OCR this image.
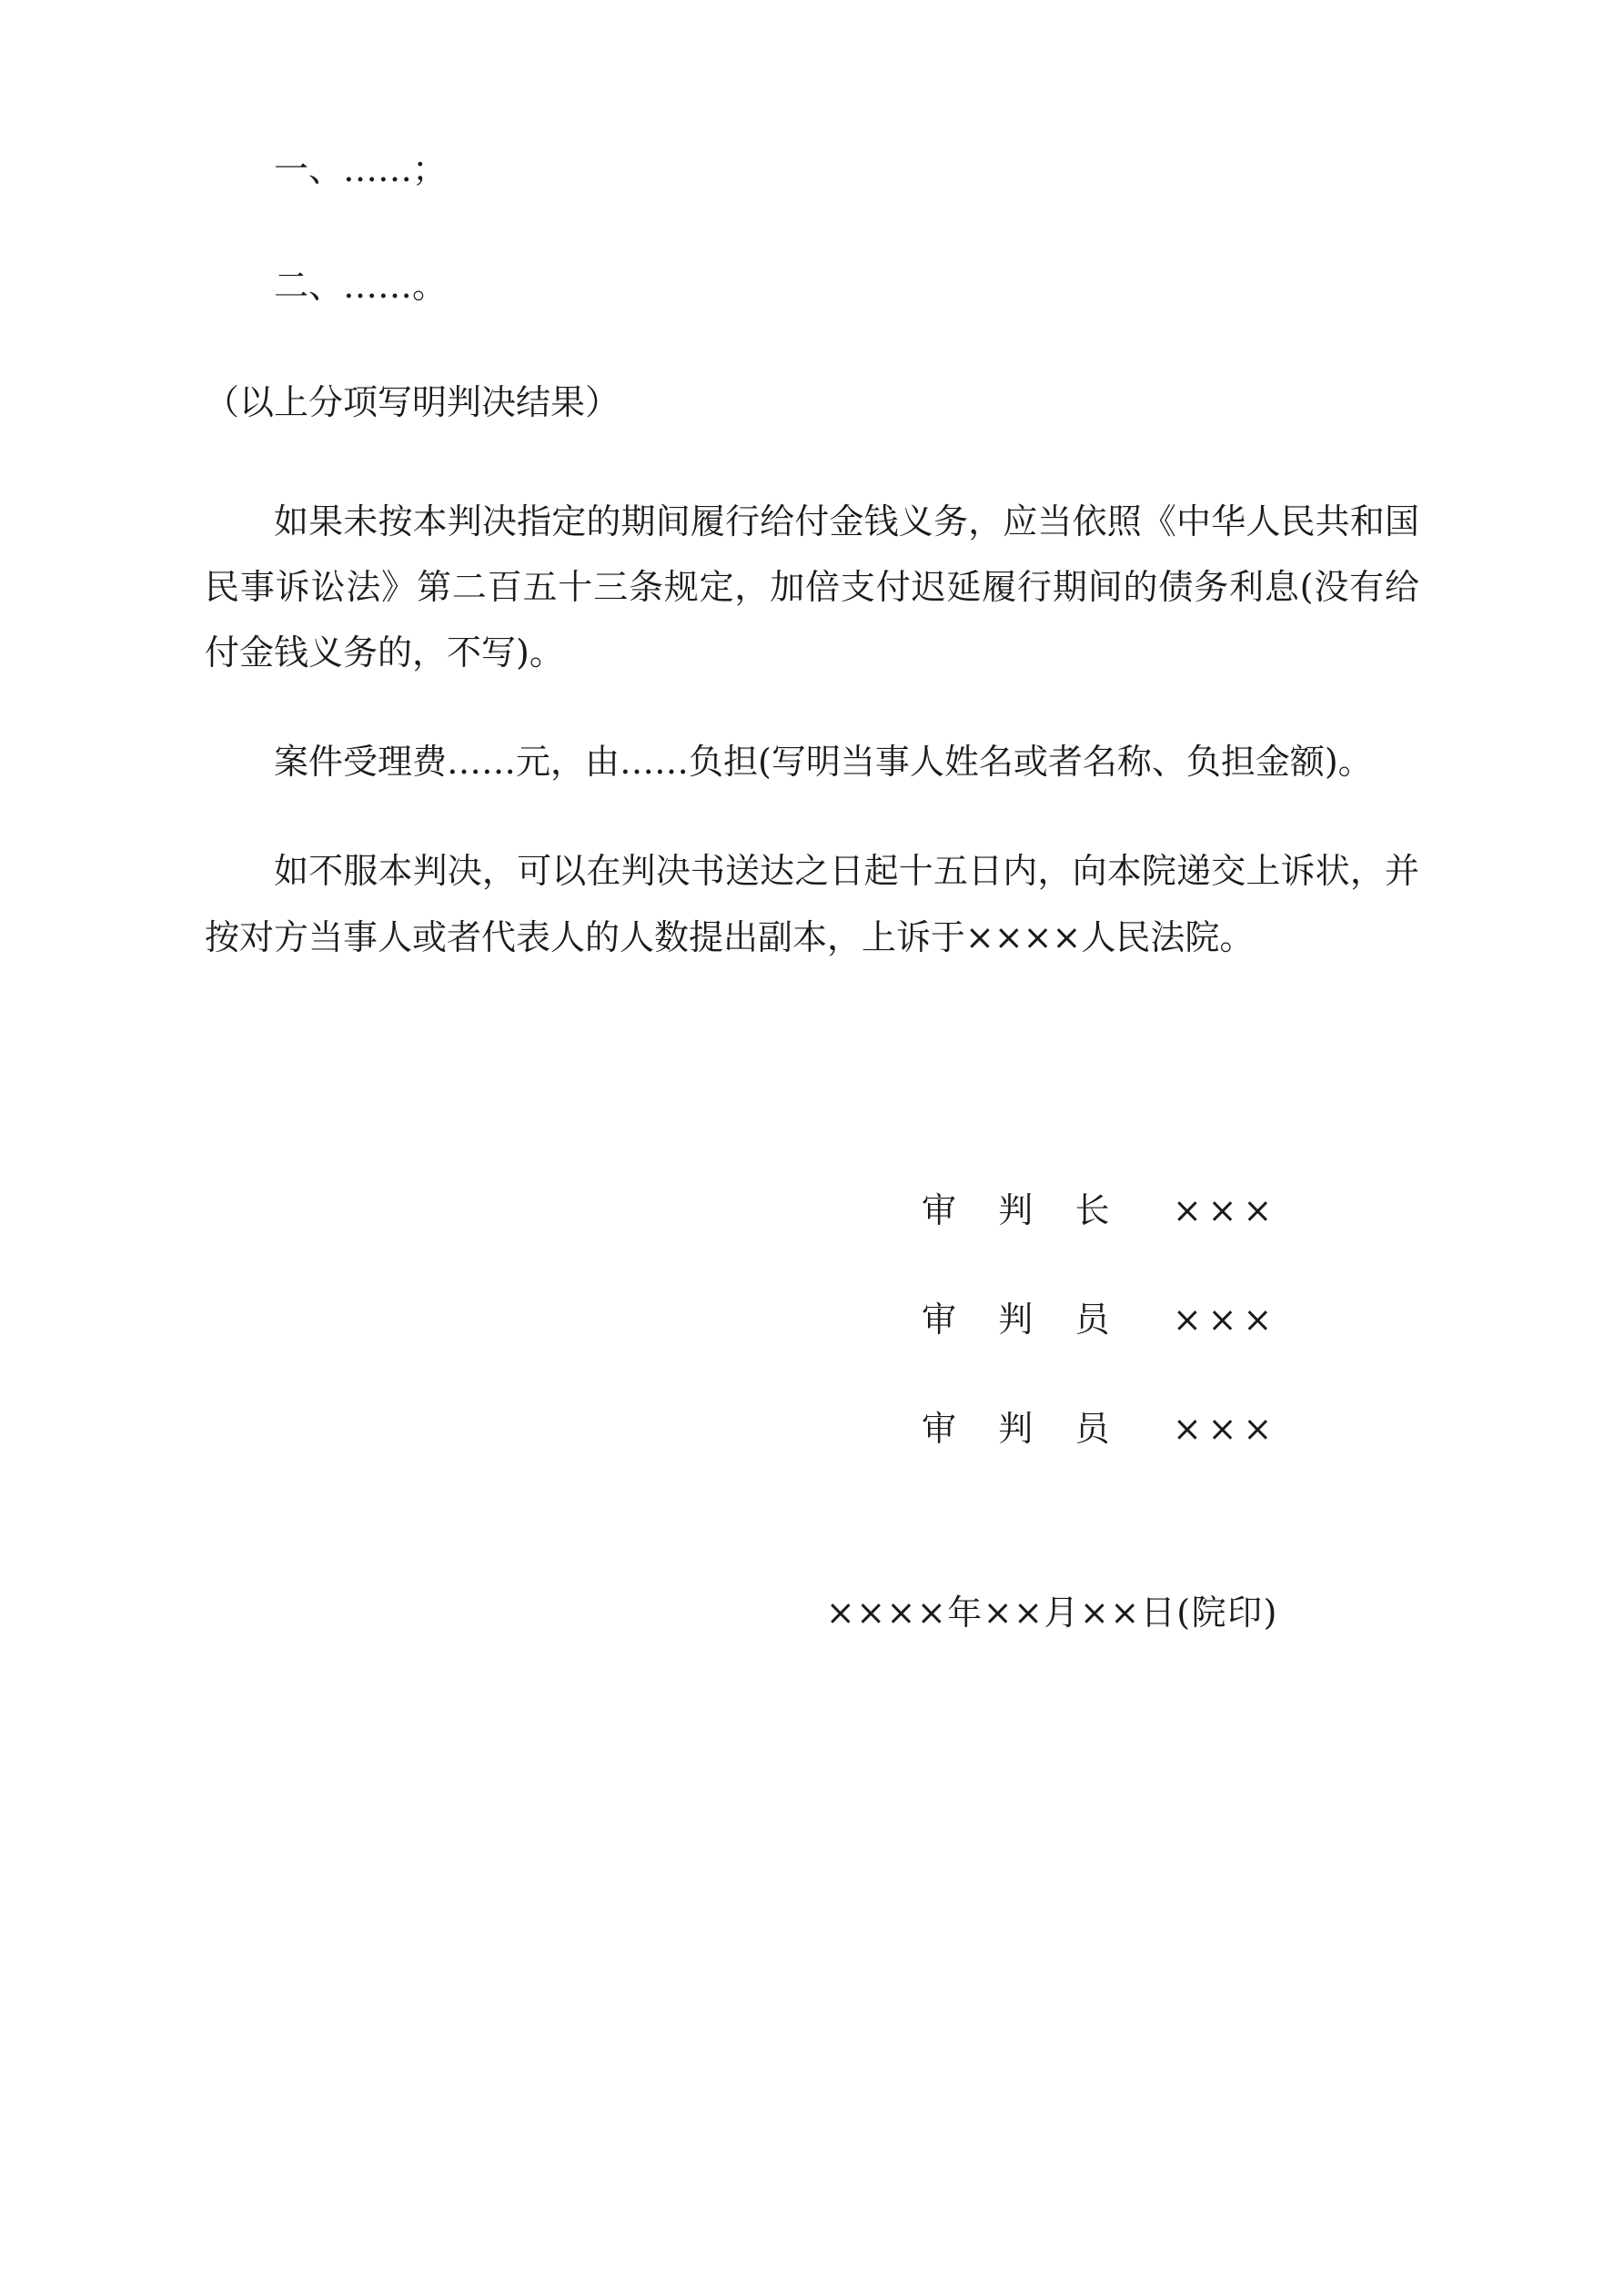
一、……；

二、……。

（以上分项写明判决结果）

如果未按本判决指定的期间履行给付金钱义务，应当依照《中华人民共和国民事诉讼法》第二百五十三条规定，加倍支付迟延履行期间的债务利息(没有给付金钱义务的，不写)。

案件受理费……元，由……负担(写明当事人姓名或者名称、负担金额)。

如不服本判决，可以在判决书送达之日起十五日内，向本院递交上诉状，并按对方当事人或者代表人的人数提出副本，上诉于××××人民法院。

审 判 长 ×××
审 判 员 ×××
审 判 员 ×××
××××年××月××日(院印)
